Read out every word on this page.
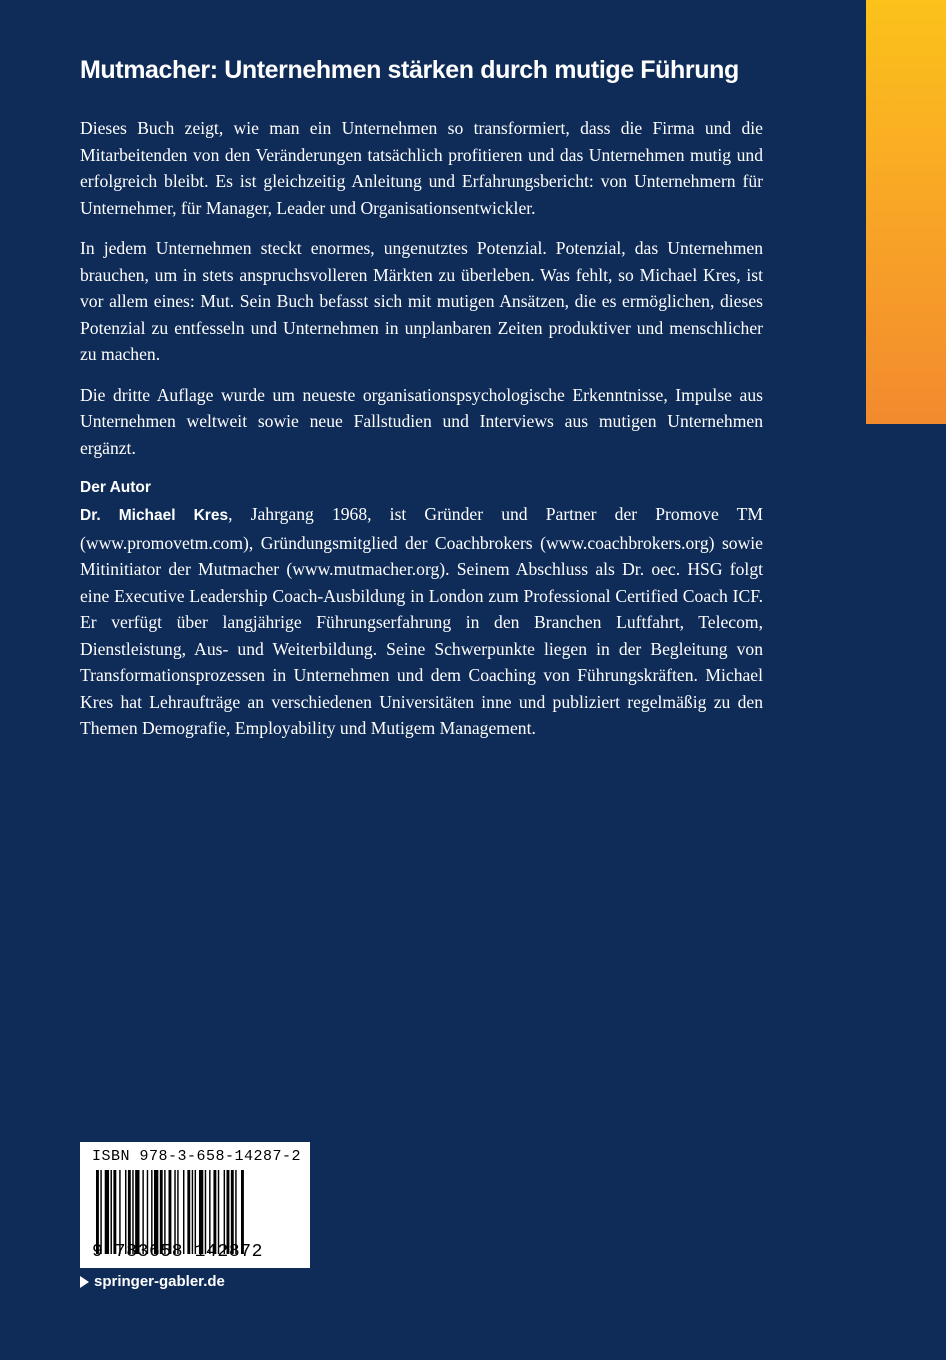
Mutmacher: Unternehmen stärken durch mutige Führung

Dieses Buch zeigt, wie man ein Unternehmen so transformiert, dass die Firma und die Mitarbeitenden von den Veränderungen tatsächlich profitieren und das Unternehmen mutig und erfolgreich bleibt. Es ist gleichzeitig Anleitung und Erfahrungsbericht: von Unternehmern für Unternehmer, für Manager, Leader und Organisationsentwickler.

In jedem Unternehmen steckt enormes, ungenutztes Potenzial. Potenzial, das Unternehmen brauchen, um in stets anspruchsvolleren Märkten zu überleben. Was fehlt, so Michael Kres, ist vor allem eines: Mut. Sein Buch befasst sich mit mutigen Ansätzen, die es ermöglichen, dieses Potenzial zu entfesseln und Unternehmen in unplanbaren Zeiten produktiver und menschlicher zu machen.

Die dritte Auflage wurde um neueste organisationspsychologische Erkenntnisse, Impulse aus Unternehmen weltweit sowie neue Fallstudien und Interviews aus mutigen Unternehmen ergänzt.

Der Autor

Dr. Michael Kres, Jahrgang 1968, ist Gründer und Partner der Promove TM (www.promovetm.com), Gründungsmitglied der Coachbrokers (www.coachbrokers.org) sowie Mitinitiator der Mutmacher (www.mutmacher.org). Seinem Abschluss als Dr. oec. HSG folgt eine Executive Leadership Coach-Ausbildung in London zum Professional Certified Coach ICF. Er verfügt über langjährige Führungserfahrung in den Branchen Luftfahrt, Telecom, Dienstleistung, Aus- und Weiterbildung. Seine Schwerpunkte liegen in der Begleitung von Transformationsprozessen in Unternehmen und dem Coaching von Führungskräften. Michael Kres hat Lehraufträge an verschiedenen Universitäten inne und publiziert regelmäßig zu den Themen Demografie, Employability und Mutigem Management.

ISBN 978-3-658-14287-2
9 783658 142872
springer-gabler.de
